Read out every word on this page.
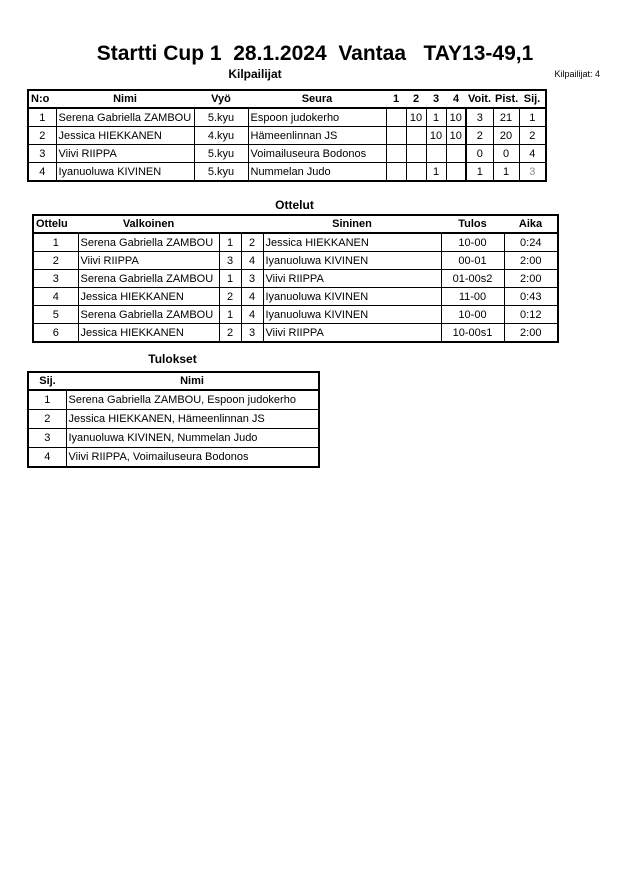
Startti Cup 1  28.1.2024  Vantaa   TAY13-49,1
Kilpailijat	Kilpailijat: 4
N:o	Nimi	Vyö	Seura	1	2	3	4	Voit.	Pist.	Sij.
1	Serena Gabriella ZAMBOU	5.kyu	Espoon judokerho		10	1	10	3	21	1
2	Jessica HIEKKANEN	4.kyu	Hämeenlinnan JS			10	10	2	20	2
3	Viivi RIIPPA	5.kyu	Voimailuseura Bodonos					0	0	4
4	Iyanuoluwa KIVINEN	5.kyu	Nummelan Judo			1		1	1	3
Ottelut
Ottelu	Valkoinen			Sininen	Tulos	Aika
1	Serena Gabriella ZAMBOU	1	2	Jessica HIEKKANEN	10-00	0:24
2	Viivi RIIPPA	3	4	Iyanuoluwa KIVINEN	00-01	2:00
3	Serena Gabriella ZAMBOU	1	3	Viivi RIIPPA	01-00s2	2:00
4	Jessica HIEKKANEN	2	4	Iyanuoluwa KIVINEN	11-00	0:43
5	Serena Gabriella ZAMBOU	1	4	Iyanuoluwa KIVINEN	10-00	0:12
6	Jessica HIEKKANEN	2	3	Viivi RIIPPA	10-00s1	2:00
Tulokset
Sij.	Nimi
1	Serena Gabriella ZAMBOU, Espoon judokerho
2	Jessica HIEKKANEN, Hämeenlinnan JS
3	Iyanuoluwa KIVINEN, Nummelan Judo
4	Viivi RIIPPA, Voimailuseura Bodonos
